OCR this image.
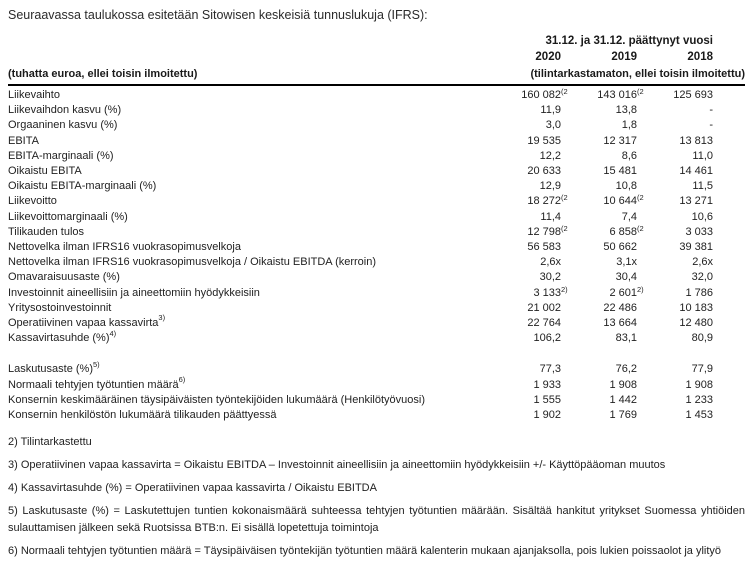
Seuraavassa taulukossa esitetään Sitowisen keskeisiä tunnuslukuja (IFRS):
31.12. ja 31.12. päättynyt vuosi
2020	2019	2018
(tuhatta euroa, ellei toisin ilmoitettu)	(tilintarkastamaton, ellei toisin ilmoitettu)
Liikevaihto	160 082$^{(2}$	143 016$^{(2}$	125 693
Liikevaihdon kasvu (%)	11,9	13,8	-
Orgaaninen kasvu (%)	3,0	1,8	-
EBITA	19 535	12 317	13 813
EBITA-marginaali (%)	12,2	8,6	11,0
Oikaistu EBITA	20 633	15 481	14 461
Oikaistu EBITA-marginaali (%)	12,9	10,8	11,5
Liikevoitto	18 272$^{(2}$	10 644$^{(2}$	13 271
Liikevoittomarginaali (%)	11,4	7,4	10,6
Tilikauden tulos	12 798$^{(2}$	6 858$^{(2}$	3 033
Nettovelka ilman IFRS16 vuokrasopimusvelkoja	56 583	50 662	39 381
Nettovelka ilman IFRS16 vuokrasopimusvelkoja / Oikaistu EBITDA (kerroin)	2,6x	3,1x	2,6x
Omavaraisuusaste (%)	30,2	30,4	32,0
Investoinnit aineellisiin ja aineettomiin hyödykkeisiin	3 133$^{2)}$	2 601$^{2)}$	1 786
Yritysostoinvestoinnit	21 002	22 486	10 183
Operatiivinen vapaa kassavirta$^{3)}$	22 764	13 664	12 480
Kassavirtasuhde (%)$^{4)}$	106,2	83,1	80,9

Laskutusaste (%)$^{5)}$	77,3	76,2	77,9
Normaali tehtyjen työtuntien määrä$^{6)}$	1 933	1 908	1 908
Konsernin keskimääräinen täysipäiväisten työntekijöiden lukumäärä (Henkilötyövuosi)	1 555	1 442	1 233
Konsernin henkilöstön lukumäärä tilikauden päättyessä	1 902	1 769	1 453

2) Tilintarkastettu

3) Operatiivinen vapaa kassavirta = Oikaistu EBITDA – Investoinnit aineellisiin ja aineettomiin hyödykkeisiin +/- Käyttöpääoman muutos

4) Kassavirtasuhde (%) = Operatiivinen vapaa kassavirta / Oikaistu EBITDA

5) Laskutusaste (%) = Laskutettujen tuntien kokonaismäärä suhteessa tehtyjen työtuntien määrään. Sisältää hankitut yritykset Suomessa yhtiöiden sulauttamisen jälkeen sekä Ruotsissa BTB:n. Ei sisällä lopetettuja toimintoja

6) Normaali tehtyjen työtuntien määrä = Täysipäiväisen työntekijän työtuntien määrä kalenterin mukaan ajanjaksolla, pois lukien poissaolot ja ylityö
